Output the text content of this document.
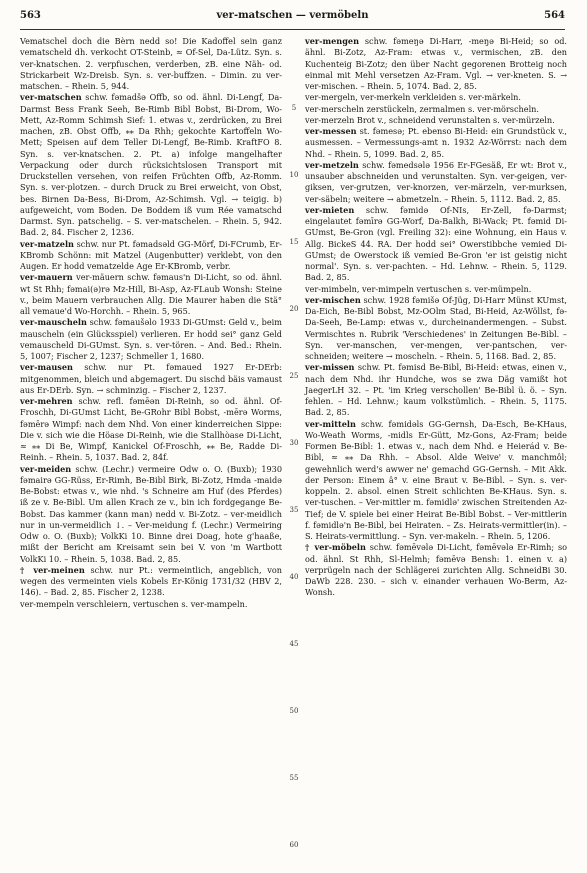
563	ver-matschen — vermöbeln	564

Vematschel doch die Bèrn nedd so! Die Kadoffel sein ganz vematscheld dh. verkocht OT-Steinb, ≈ Of-Sel, Da-Lütz. Syn. s. ver-knatschen. 2. verpfuschen, verderben, zB. eine Näh- od. Strickarbeit Wz-Dreisb. Syn. s. ver-buffzen. – Dimin. zu ver-matschen. – Rhein. 5, 944.

ver-matschen schw. fəmadšə Offb, so od. ähnl. Di-Lengf, Da-Darmst Bess Frank Seeh, Be-Rimb Bibl Bobst, Bi-Drom, Wo-Mett, Az-Romm Schimsh Sief: 1. etwas v., zerdrücken, zu Brei machen, zB. Obst Offb, ⁎⁎ Da Rhh; gekochte Kartoffeln Wo-Mett; Speisen auf dem Teller Di-Lengf, Be-Rimb. KraftFO 8. Syn. s. ver-knatschen. 2. Pt. a) infolge mangelhafter Verpackung oder durch rücksichtslosen Transport mit Druckstellen versehen, von reifen Früchten Offb, Az-Romm. Syn. s. ver-plotzen. – durch Druck zu Brei erweicht, von Obst, bes. Birnen Da-Bess, Bi-Drom, Az-Schimsh. Vgl. → teigig. b) aufgeweicht, vom Boden. De Boddem iß vum Rée vamatschd Darmst. Syn. patschelig. – S. ver-matschelen. – Rhein. 5, 942. Bad. 2, 84. Fischer 2, 1236.

ver-matzeln schw. nur Pt. fəmadsəld GG-Mörf, Di-FCrumb, Er-KBromb Schönn: mit Matzel (Augenbutter) verklebt, von den Augen. Er hodd vematzelde Age Er-KBromb, verbr.

ver-mauern ver-mäuern schw. fəmaus'n Di-Licht, so od. ähnl. wt St Rhh; fəmai(ə)rə Mz-Hill, Bi-Asp, Az-FLaub Wonsh: Steine v., beim Mauern verbrauchen Allg. Die Maurer haben die Stä° all vemaue'd Wo-Horchh. – Rhein. 5, 965.

ver-mauscheln schw. fəmaušəlo 1933 Di-GUmst: Geld v., beim mauscheln (ein Glücksspiel) verlieren. Er hodd sei° ganz Geld vemauscheld Di-GUmst. Syn. s. ver-tören. – And. Bed.: Rhein. 5, 1007; Fischer 2, 1237; Schmeller 1, 1680.

ver-mausen schw. nur Pt. fəmaued 1927 Er-DErb: mitgenommen, bleich und abgemagert. Du sischd bäis vamaust aus Er-DErb. Syn. → schminzig. – Fischer 2, 1237.

ver-mehren schw. refl. fəmēən Di-Reinh, so od. ähnl. Of-Froschh, Di-GUmst Licht, Be-GRohr Bibl Bobst, -mērə Worms, fəmērə Wimpf: nach dem Nhd. Von einer kinderreichen Sippe: Die v. sich wie die Höase Di-Reinh, wie die Stallhòase Di-Licht, ≈ ⁎⁎ Di Be, Wimpf, Kanickel Of-Froschh, ⁎⁎ Be, Radde Di-Reinh. – Rhein. 5, 1037. Bad. 2, 84f.

ver-meiden schw. (Lechr.) vermeire Odw o. O. (Buxb); 1930 fəmairə GG-Rüss, Er-Rimh, Be-Bibl Birk, Bi-Zotz, Hmda -maidə Be-Bobst: etwas v., wie nhd. 's Schneire am Huf (des Pferdes) iß ze v. Be-Bibl. Um allen Krach ze v., bin ich fordgegange Be-Bobst. Das kammer (kann man) nedd v. Bi-Zotz. – ver-meidlich nur in un-vermeidlich ↓. – Ver-meidung f. (Lechr.) Vermeiring Odw o. O. (Buxb); VolkKi 10. Binne drei Doag, hote g'haaße, mißt der Bericht am Kreisamt sein bei V. von 'm Wartbott VolkKi 10. – Rhein. 5, 1038. Bad. 2, 85.

† ver-meinen schw. nur Pt.: vermeintlich, angeblich, von wegen des vermeinten viels Kobels Er-König 1731/32 (HBV 2, 146). – Bad. 2, 85. Fischer 2, 1238.

ver-mempeln verschleiern, vertuschen s. ver-mampeln.

5
10
15
20
25
30
35
40
45
50
55
60

ver-mengen schw. fəmeŋə Di-Harr, -meŋə Bi-Heid; so od. ähnl. Bi-Zotz, Az-Fram: etwas v., vermischen, zB. den Kuchenteig Bi-Zotz; den über Nacht gegorenen Brotteig noch einmal mit Mehl versetzen Az-Fram. Vgl. → ver-kneten. S. → ver-mischen. – Rhein. 5, 1074. Bad. 2, 85.

ver-mergeln, ver-merkeln verkleiden s. ver-märkeln.

ver-merscheln zerstückeln, zermalmen s. ver-mörscheln.

ver-merzeln Brot v., schneidend verunstalten s. ver-mürzeln.

ver-messen st. fəmesə; Pt. ebenso Bi-Heid: ein Grundstück v., ausmessen. – Vermessungs-amt n. 1932 Az-Wörrst: nach dem Nhd. – Rhein. 5, 1099. Bad. 2, 85.

ver-metzeln schw. fəmedsələ 1956 Er-FGesäß, Er wt: Brot v., unsauber abschneiden und verunstalten. Syn. ver-geigen, ver-giksen, ver-grutzen, ver-knorzen, ver-märzeln, ver-murksen, ver-säbeln; weitere → abmetzeln. – Rhein. 5, 1112. Bad. 2, 85.

ver-mieten schw. fəmidə Of-NIs, Er-Zell, fə-Darmst; eingelautet fəmīrə GG-Worf, Da-Balkh, Bi-Wack; Pt. fəmid Di-GUmst, Be-Gron (vgl. Freiling 32): eine Wohnung, ein Haus v. Allg. BickeS 44. RA. Der hodd sei° Owerstibbche vemied Di-GUmst; de Owerstock iß vemied Be-Gron 'er ist geistig nicht normal'. Syn. s. ver-pachten. – Hd. Lehnw. – Rhein. 5, 1129. Bad. 2, 85.

ver-mimbeln, ver-mimpeln vertuschen s. ver-mümpeln.

ver-mischen schw. 1928 fəmišə Of-Jüg, Di-Harr Münst KUmst, Da-Eich, Be-Bibl Bobst, Mz-OOlm Stad, Bi-Heid, Az-Wöllst, fə- Da-Seeh, Be-Lamp: etwas v., durcheinandermengen. – Subst. Vermischtes n. Rubrik 'Verschiedenes' in Zeitungen Be-Bibl. – Syn. ver-manschen, ver-mengen, ver-pantschen, ver-schneiden; weitere → moscheln. – Rhein. 5, 1168. Bad. 2, 85.

ver-missen schw. Pt. fəmisd Be-Bibl, Bi-Heid: etwas, einen v., nach dem Nhd. ihr Hundche, wos se zwa Däg vamißt hot JaegerLH 32. – Pt. 'im Krieg verschollen' Be-Bibl ü. ö. – Syn. fehlen. – Hd. Lehnw.; kaum volkstümlich. – Rhein. 5, 1175. Bad. 2, 85.

ver-mitteln schw. fəmidəls GG-Gernsh, Da-Esch, Be-KHaus, Wo-Weath Worms, -midls Er-Gütt, Mz-Gons, Az-Fram; beide Formen Be-Bibl: 1. etwas v., nach dem Nhd. e Heierád v. Be-Bibl, ≈ ⁎⁎ Da Rhh. – Absol. Alde Weive' v. manchmôl; gewehnlich werd's awwer ne' gemachd GG-Gernsh. – Mit Akk. der Person: Einem â° v. eine Braut v. Be-Bibl. – Syn. s. ver-koppeln. 2. absol. einen Streit schlichten Be-KHaus. Syn. s. ver-tuschen. – Ver-mittler m. fəmidlə' zwischen Streitenden Az-Tief; de V. spiele bei einer Heirat Be-Bibl Bobst. – Ver-mittlerin f. fəmidlə'n Be-Bibl, bei Heiraten. – Zs. Heirats-vermittler(in). – S. Heirats-vermittlung. – Syn. ver-makeln. – Rhein. 5, 1206.

† ver-möbeln schw. fəmēvələ Di-Licht, fəmēvələ Er-Rimh; so od. ähnl. St Rhh, Sl-Helmh; fəmēvə Bensh: 1. einen v. a) verprügeln nach der Schlägerei zurichten Allg. SchneidBi 30. DaWb 228. 230. – sich v. einander verhauen Wo-Berm, Az-Wonsh.
